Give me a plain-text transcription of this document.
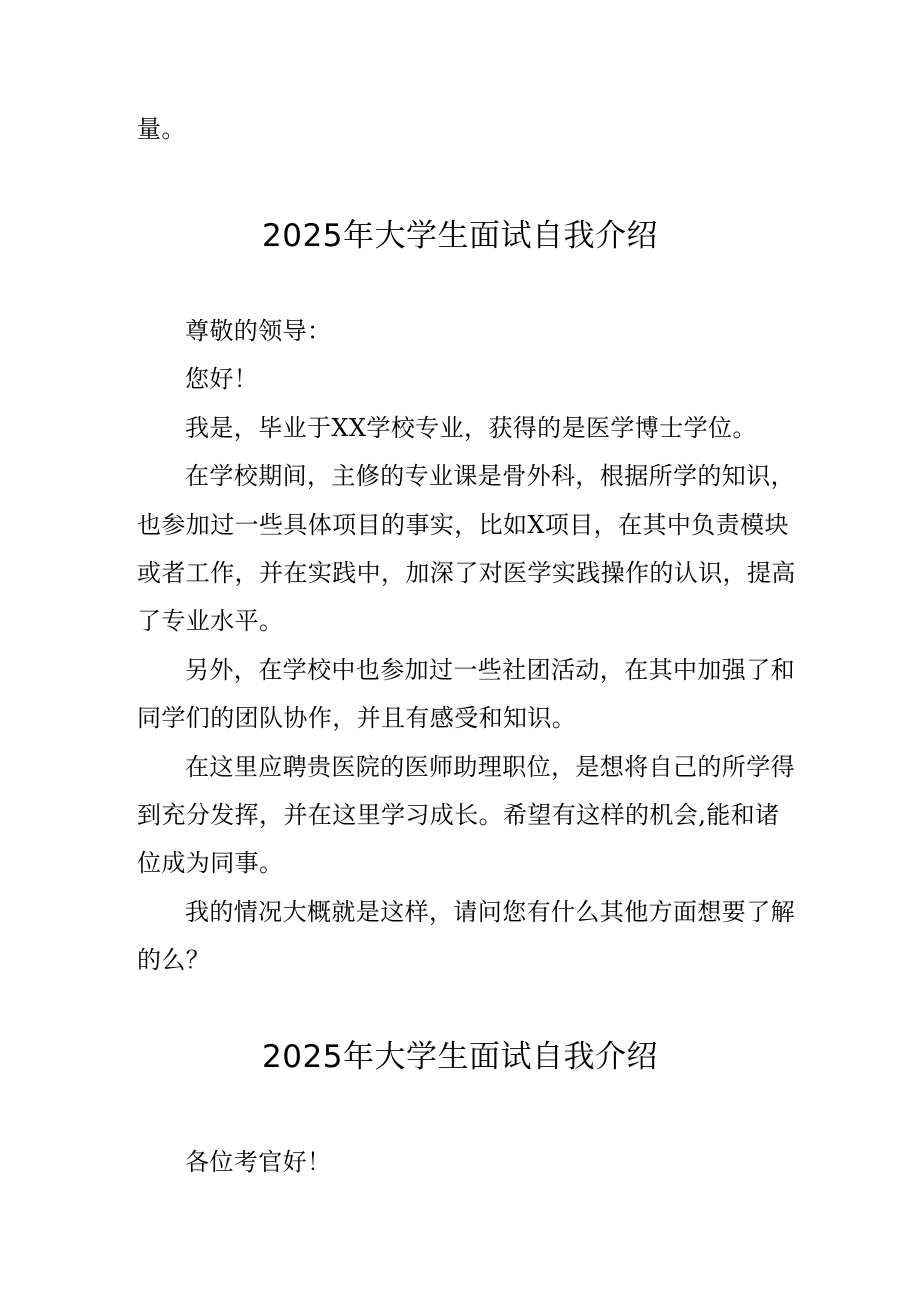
量。
2025年大学生面试自我介绍
尊敬的领导：
您好！
我是，毕业于XX学校专业，获得的是医学博士学位。
在学校期间，主修的专业课是骨外科，根据所学的知识，
也参加过一些具体项目的事实，比如X项目，在其中负责模块
或者工作，并在实践中，加深了对医学实践操作的认识，提高
了专业水平。
另外，在学校中也参加过一些社团活动，在其中加强了和
同学们的团队协作，并且有感受和知识。
在这里应聘贵医院的医师助理职位，是想将自己的所学得
到充分发挥，并在这里学习成长。希望有这样的机会,能和诸
位成为同事。
我的情况大概就是这样，请问您有什么其他方面想要了解
的么？
2025年大学生面试自我介绍
各位考官好！
